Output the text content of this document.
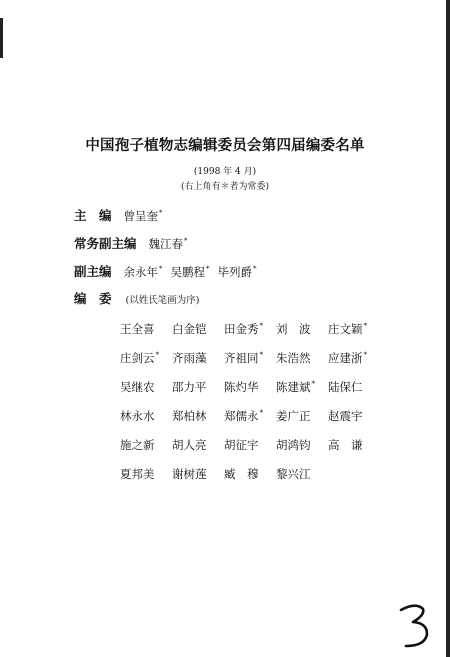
中国孢子植物志编辑委员会第四届编委名单
(1998 年 4 月)
(右上角有＊者为常委)
主　编 曾呈奎*
常务副主编 魏江春*
副主编 余永年* 吴鹏程* 毕列爵*
编　委 (以姓氏笔画为序)
王全喜 白金铠 田金秀* 刘　波 庄文颖*
庄剑云* 齐雨藻 齐祖同* 朱浩然 应建浙*
吴继农 邵力平 陈灼华 陈建斌* 陆保仁
林永水 郑柏林 郑儒永* 姜广正 赵震宇
施之新 胡人亮 胡征宇 胡鸿钧 高　谦
夏邦美 谢树莲 臧　穆 黎兴江
